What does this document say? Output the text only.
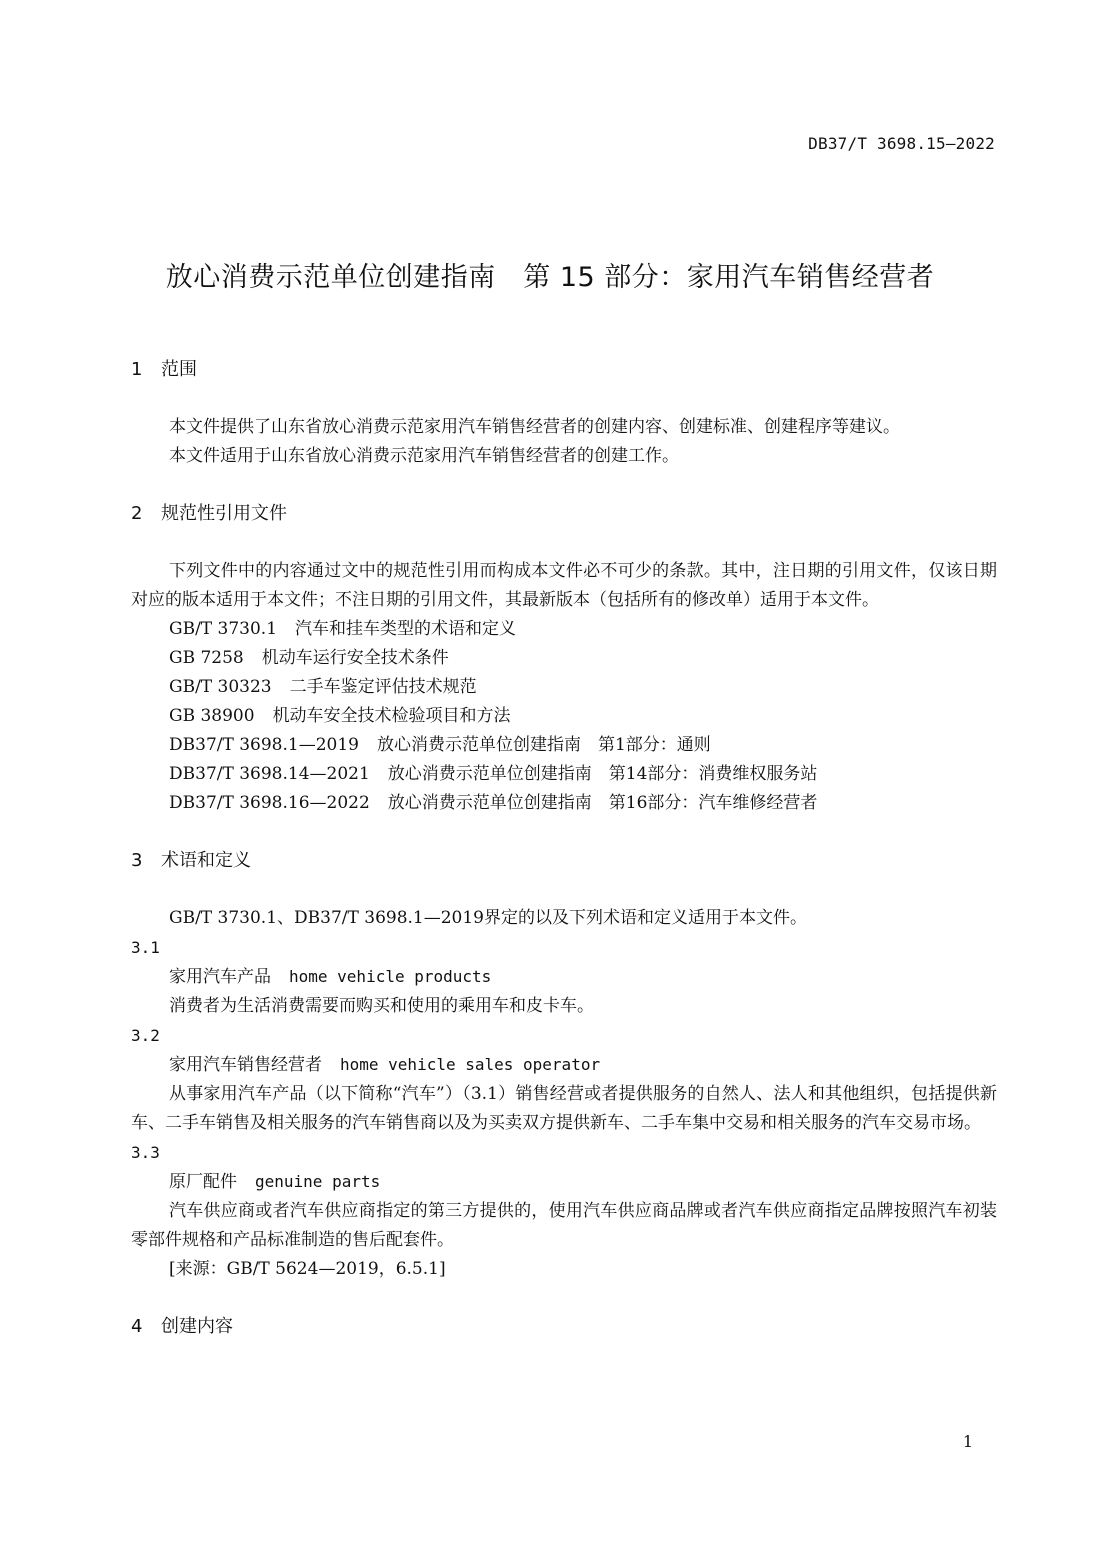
DB37/T 3698.15—2022
放心消费示范单位创建指南　第 15 部分：家用汽车销售经营者
1 范围
本文件提供了山东省放心消费示范家用汽车销售经营者的创建内容、创建标准、创建程序等建议。
本文件适用于山东省放心消费示范家用汽车销售经营者的创建工作。
2 规范性引用文件
下列文件中的内容通过文中的规范性引用而构成本文件必不可少的条款。其中，注日期的引用文件，仅该日期对应的版本适用于本文件；不注日期的引用文件，其最新版本（包括所有的修改单）适用于本文件。
GB/T 3730.1 汽车和挂车类型的术语和定义
GB 7258 机动车运行安全技术条件
GB/T 30323 二手车鉴定评估技术规范
GB 38900 机动车安全技术检验项目和方法
DB37/T 3698.1—2019 放心消费示范单位创建指南　第1部分：通则
DB37/T 3698.14—2021 放心消费示范单位创建指南　第14部分：消费维权服务站
DB37/T 3698.16—2022 放心消费示范单位创建指南　第16部分：汽车维修经营者
3 术语和定义
GB/T 3730.1、DB37/T 3698.1—2019界定的以及下列术语和定义适用于本文件。
3.1
家用汽车产品 home vehicle products
消费者为生活消费需要而购买和使用的乘用车和皮卡车。
3.2
家用汽车销售经营者 home vehicle sales operator
从事家用汽车产品（以下简称“汽车”）（3.1）销售经营或者提供服务的自然人、法人和其他组织，包括提供新车、二手车销售及相关服务的汽车销售商以及为买卖双方提供新车、二手车集中交易和相关服务的汽车交易市场。
3.3
原厂配件 genuine parts
汽车供应商或者汽车供应商指定的第三方提供的，使用汽车供应商品牌或者汽车供应商指定品牌按照汽车初装零部件规格和产品标准制造的售后配套件。
[来源：GB/T 5624—2019，6.5.1]
4 创建内容
1
